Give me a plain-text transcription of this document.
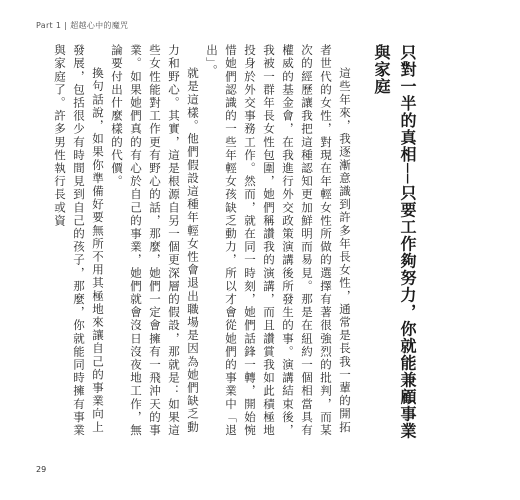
Part 1 | 超越心中的魔咒
只對一半的真相──只要工作夠努力，你就能兼顧事業與家庭

這些年來，我逐漸意識到許多年長女性，通常是長我一輩的開拓者世代的女性，對現在年輕女性所做的選擇有著很強烈的批判，而某次的經歷讓我把這種認知更加鮮明而易見。那是在紐約一個相當具有權威的基金會，在我進行外交政策演講後所發生的事。演講結束後，我被一群年長女性包圍，她們稱讚我的演講，而且讚賞我如此積極地投身於外交事務工作。然而，就在同一時刻，她們話鋒一轉，開始惋惜她們認識的一些年輕女孩缺乏動力，所以才會從她們的事業中「退出」。

就是這樣。他們假設這種年輕女性會退出職場是因為她們缺乏動力和野心。其實，這是根源自另一個更深層的假設，那就是：如果這些女性能對工作更有野心的話，那麼，她們一定會擁有一飛沖天的事業。如果她們真的有心於自己的事業，她們就會沒日沒夜地工作，無論要付出什麼樣的代價。

換句話說，如果你準備好要無所不用其極地來讓自己的事業向上發展，包括很少有時間見到自己的孩子，那麼，你就能同時擁有事業與家庭了。許多男性執行長或資

29
